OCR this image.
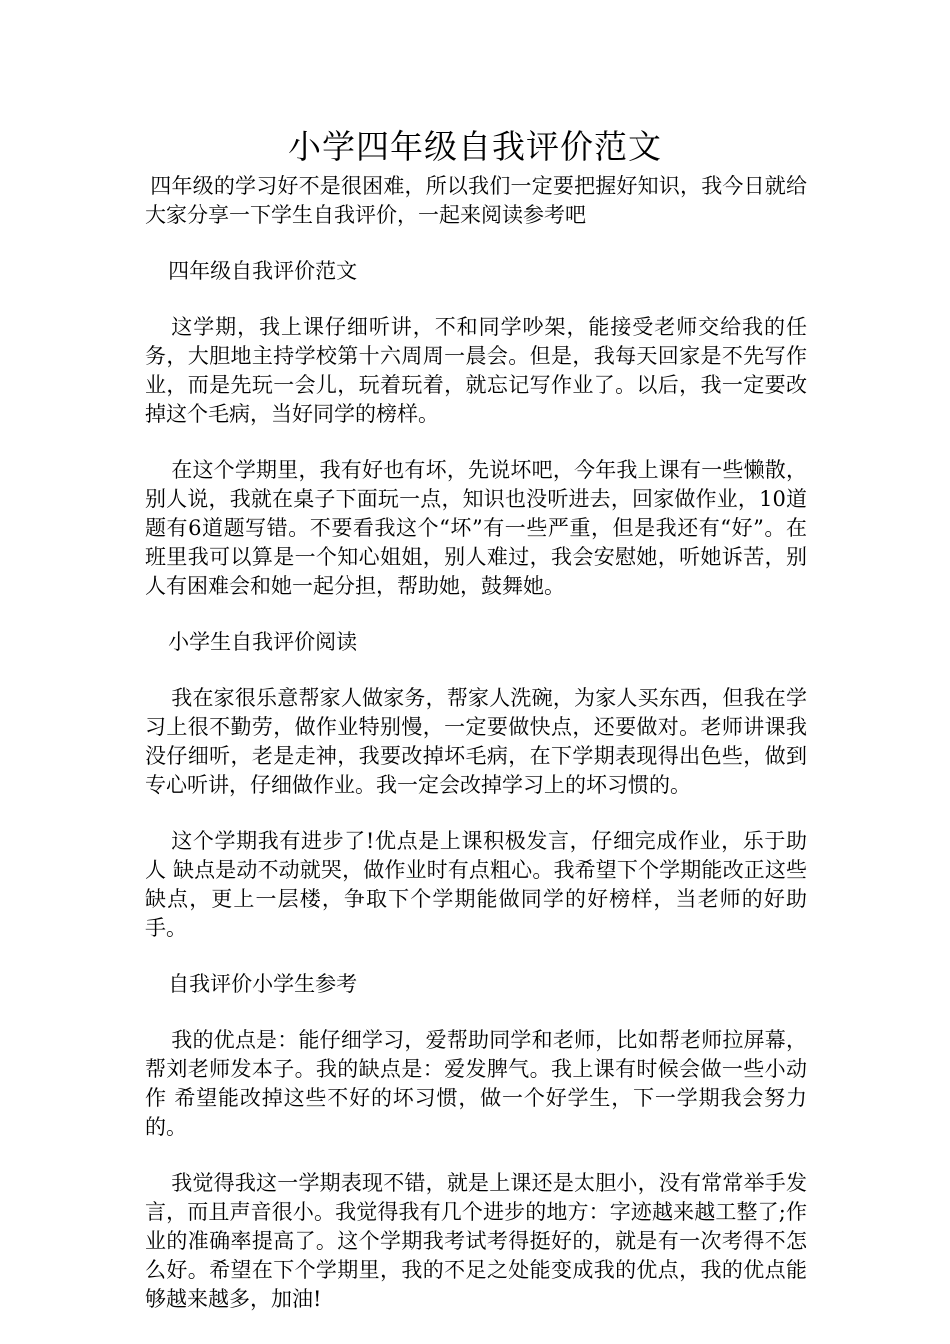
小学四年级自我评价范文

四年级的学习好不是很困难，所以我们一定要把握好知识，我今日就给大家分享一下学生自我评价，一起来阅读参考吧

四年级自我评价范文

这学期，我上课仔细听讲，不和同学吵架，能接受老师交给我的任务，大胆地主持学校第十六周周一晨会。但是，我每天回家是不先写作业，而是先玩一会儿，玩着玩着，就忘记写作业了。以后，我一定要改掉这个毛病，当好同学的榜样。

在这个学期里，我有好也有坏，先说坏吧，今年我上课有一些懒散，别人说，我就在桌子下面玩一点，知识也没听进去，回家做作业，10道题有6道题写错。不要看我这个“坏”有一些严重，但是我还有“好”。在班里我可以算是一个知心姐姐，别人难过，我会安慰她，听她诉苦，别人有困难会和她一起分担，帮助她，鼓舞她。

小学生自我评价阅读

我在家很乐意帮家人做家务，帮家人洗碗，为家人买东西，但我在学习上很不勤劳，做作业特别慢，一定要做快点，还要做对。老师讲课我没仔细听，老是走神，我要改掉坏毛病，在下学期表现得出色些，做到专心听讲，仔细做作业。我一定会改掉学习上的坏习惯的。

这个学期我有进步了!优点是上课积极发言，仔细完成作业，乐于助人 缺点是动不动就哭，做作业时有点粗心。我希望下个学期能改正这些缺点，更上一层楼，争取下个学期能做同学的好榜样，当老师的好助手。

自我评价小学生参考

我的优点是：能仔细学习，爱帮助同学和老师，比如帮老师拉屏幕，帮刘老师发本子。我的缺点是：爱发脾气。我上课有时候会做一些小动作 希望能改掉这些不好的坏习惯，做一个好学生，下一学期我会努力的。

我觉得我这一学期表现不错，就是上课还是太胆小，没有常常举手发言，而且声音很小。我觉得我有几个进步的地方：字迹越来越工整了;作业的准确率提高了。这个学期我考试考得挺好的，就是有一次考得不怎么好。希望在下个学期里，我的不足之处能变成我的优点，我的优点能够越来越多，加油!
